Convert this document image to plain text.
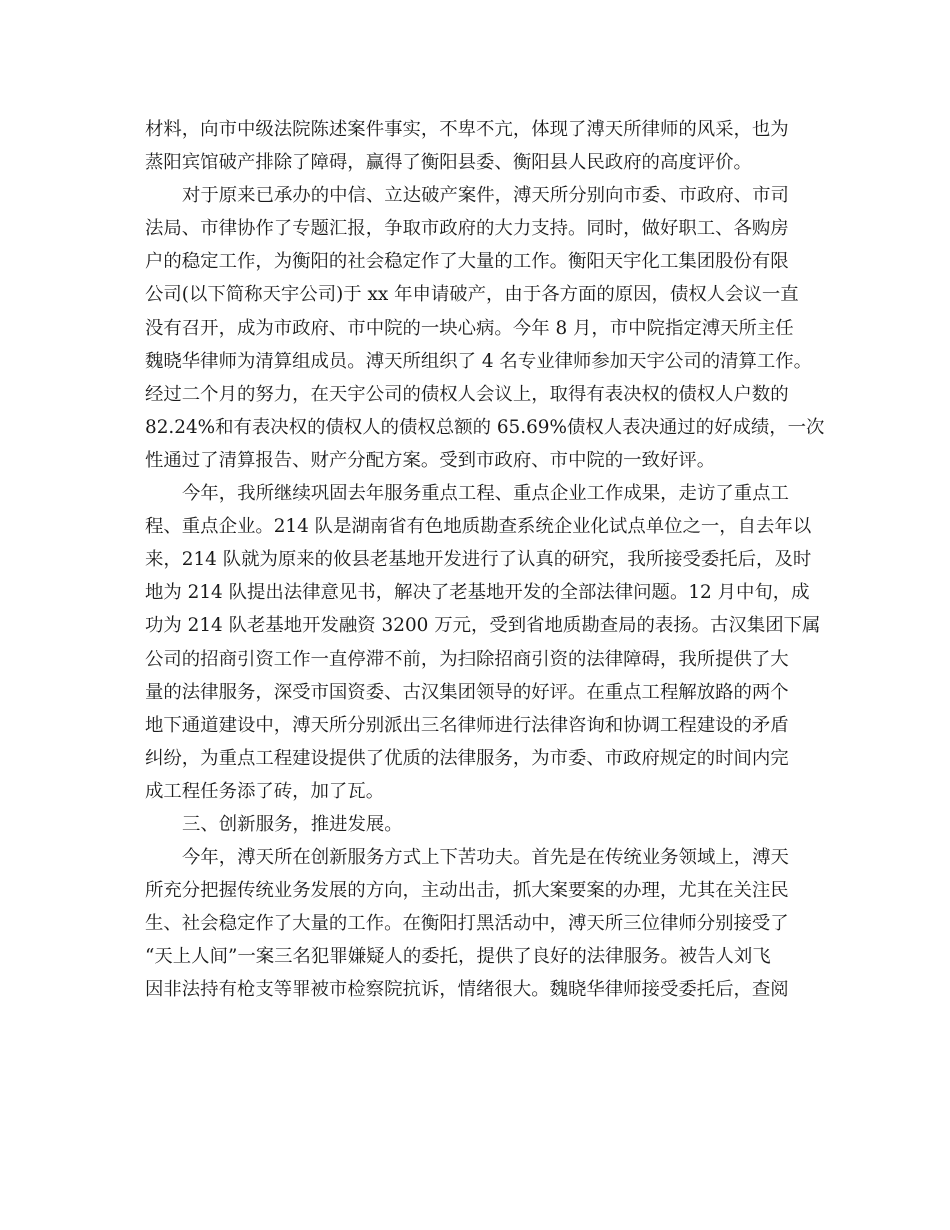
材料，向市中级法院陈述案件事实，不卑不亢，体现了溥天所律师的风采，也为
蒸阳宾馆破产排除了障碍，赢得了衡阳县委、衡阳县人民政府的高度评价。
对于原来已承办的中信、立达破产案件，溥天所分别向市委、市政府、市司
法局、市律协作了专题汇报，争取市政府的大力支持。同时，做好职工、各购房
户的稳定工作，为衡阳的社会稳定作了大量的工作。衡阳天宇化工集团股份有限
公司(以下简称天宇公司)于 xx 年申请破产，由于各方面的原因，债权人会议一直
没有召开，成为市政府、市中院的一块心病。今年 8 月，市中院指定溥天所主任
魏晓华律师为清算组成员。溥天所组织了 4 名专业律师参加天宇公司的清算工作。
经过二个月的努力，在天宇公司的债权人会议上，取得有表决权的债权人户数的
82.24%和有表决权的债权人的债权总额的 65.69%债权人表决通过的好成绩，一次
性通过了清算报告、财产分配方案。受到市政府、市中院的一致好评。
今年，我所继续巩固去年服务重点工程、重点企业工作成果，走访了重点工
程、重点企业。214 队是湖南省有色地质勘查系统企业化试点单位之一，自去年以
来，214 队就为原来的攸县老基地开发进行了认真的研究，我所接受委托后，及时
地为 214 队提出法律意见书，解决了老基地开发的全部法律问题。12 月中旬，成
功为 214 队老基地开发融资 3200 万元，受到省地质勘查局的表扬。古汉集团下属
公司的招商引资工作一直停滞不前，为扫除招商引资的法律障碍，我所提供了大
量的法律服务，深受市国资委、古汉集团领导的好评。在重点工程解放路的两个
地下通道建设中，溥天所分别派出三名律师进行法律咨询和协调工程建设的矛盾
纠纷，为重点工程建设提供了优质的法律服务，为市委、市政府规定的时间内完
成工程任务添了砖，加了瓦。
三、创新服务，推进发展。
今年，溥天所在创新服务方式上下苦功夫。首先是在传统业务领域上，溥天
所充分把握传统业务发展的方向，主动出击，抓大案要案的办理，尤其在关注民
生、社会稳定作了大量的工作。在衡阳打黑活动中，溥天所三位律师分别接受了
“天上人间”一案三名犯罪嫌疑人的委托，提供了良好的法律服务。被告人刘飞
因非法持有枪支等罪被市检察院抗诉，情绪很大。魏晓华律师接受委托后，查阅
